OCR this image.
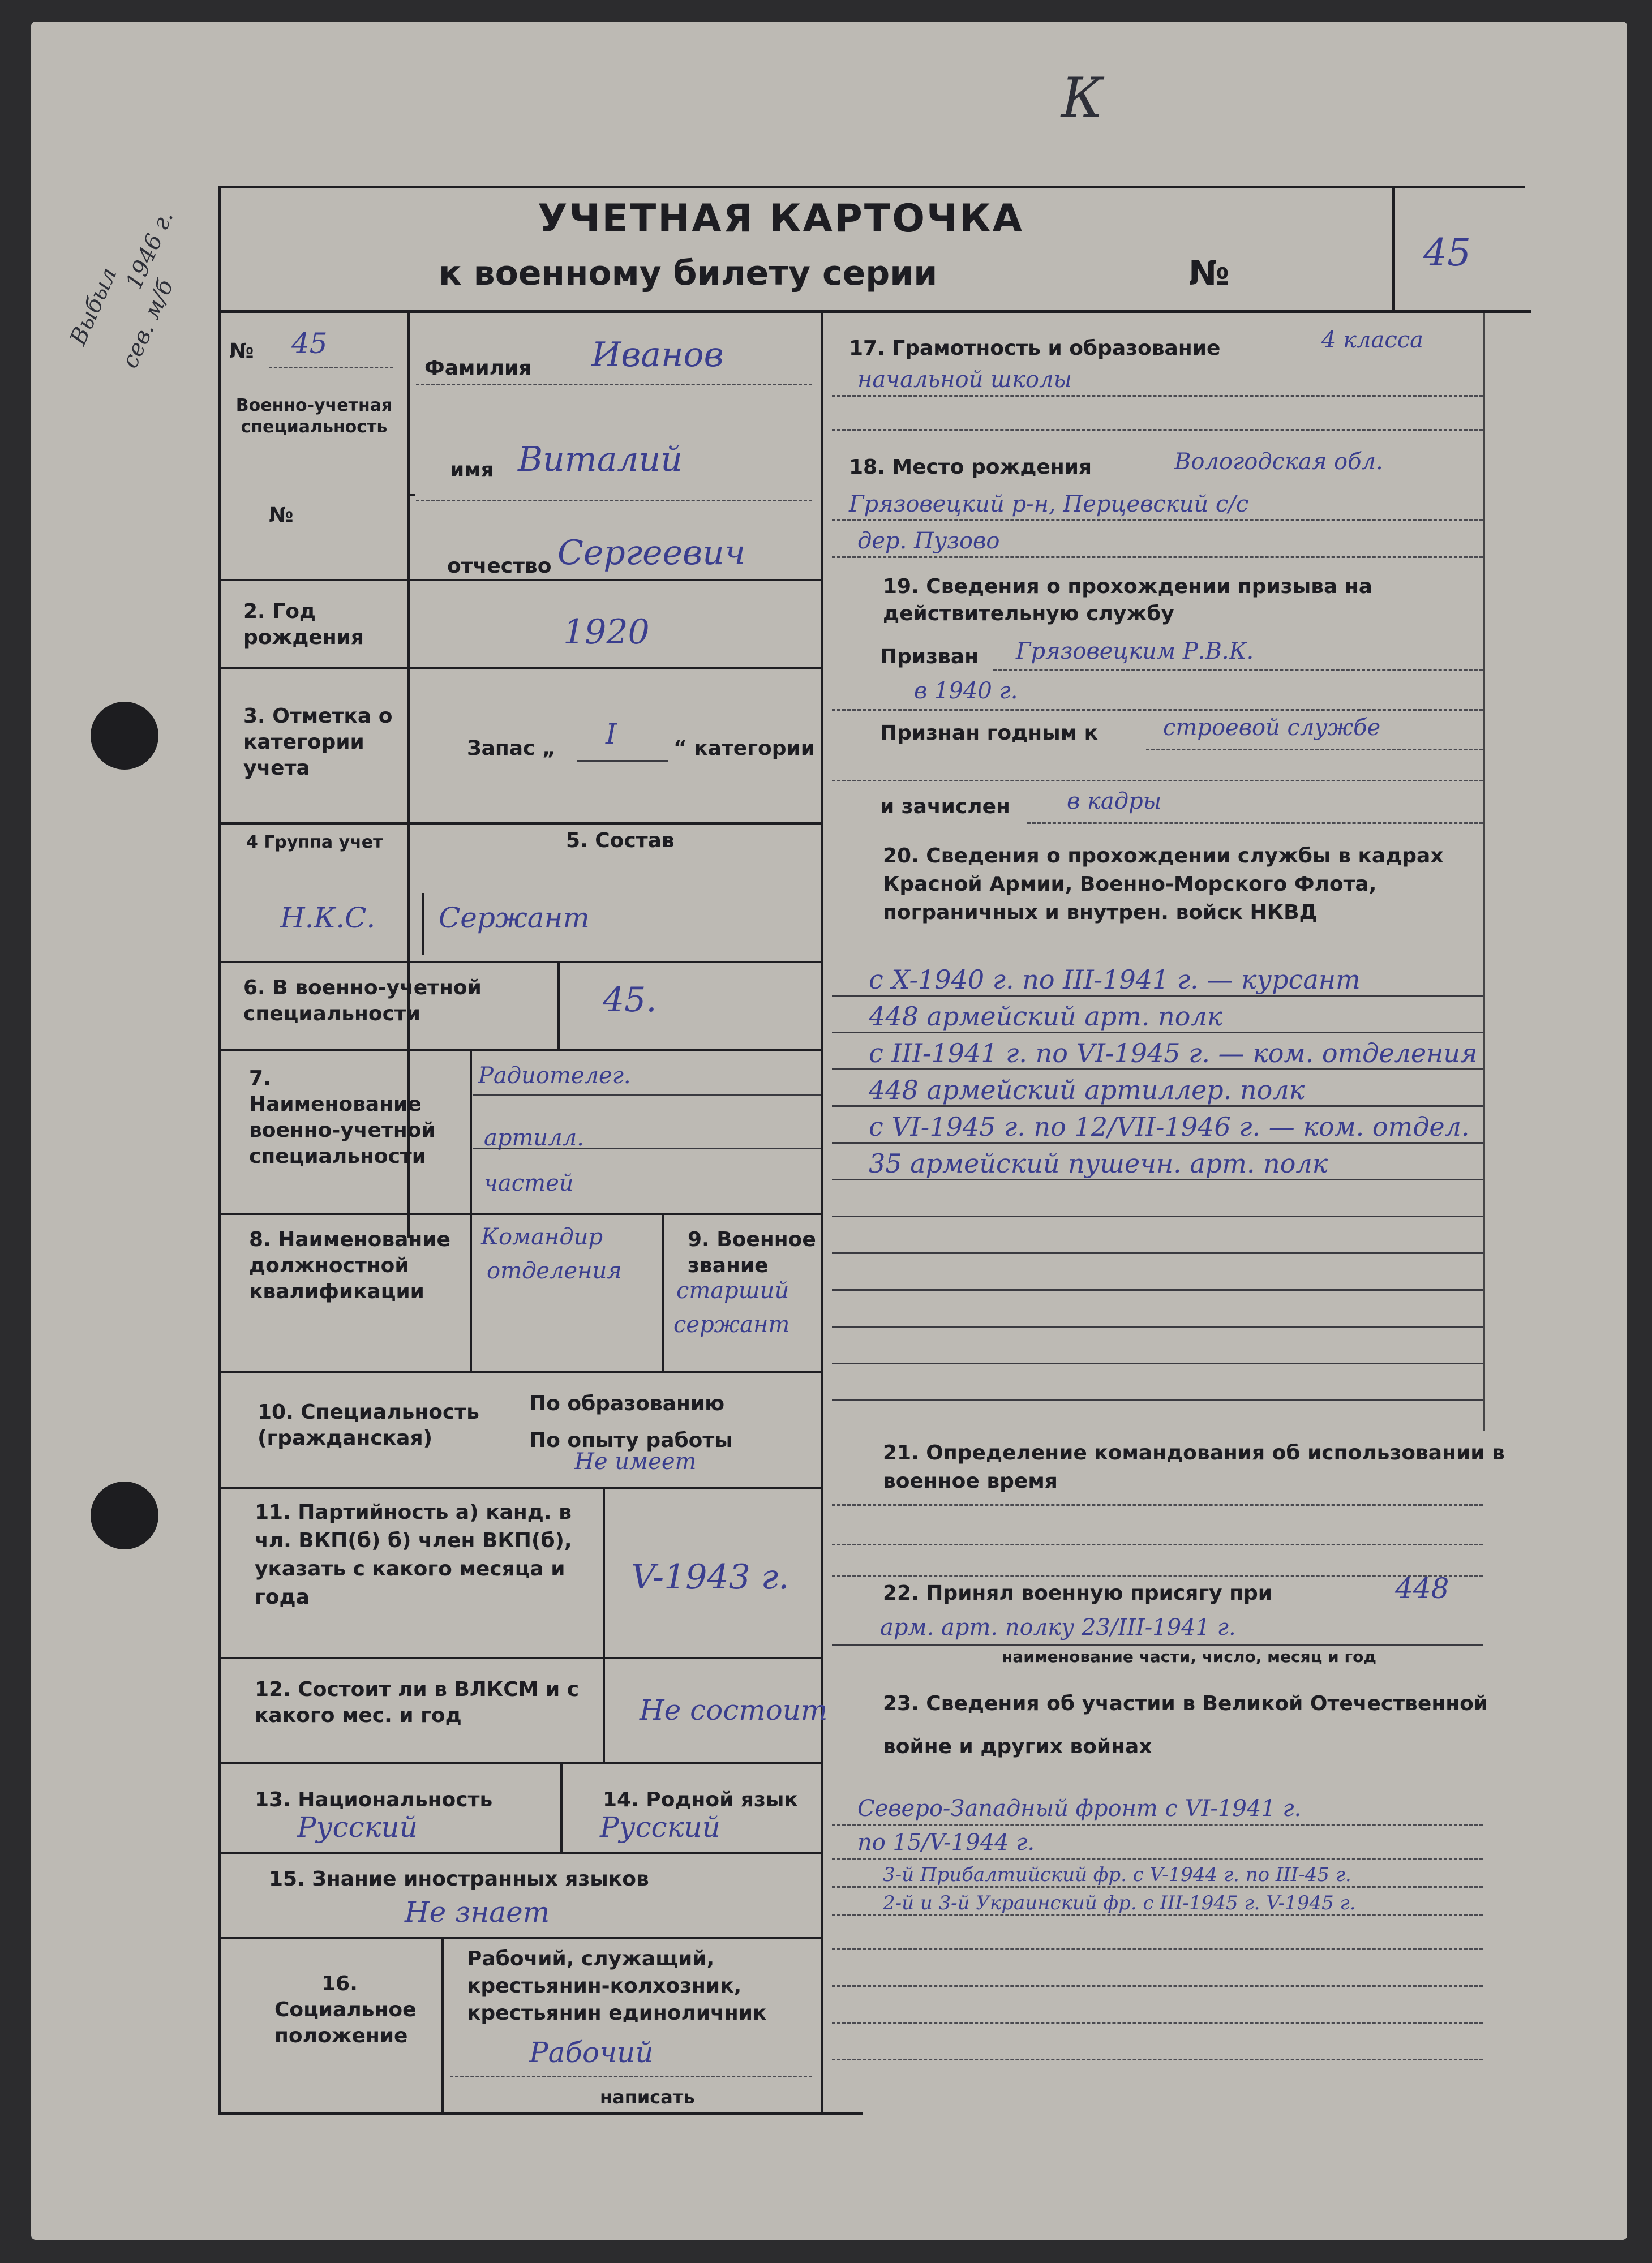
УЧЕТНАЯ КАРТОЧКА
к военному билету серии	№	45
К
Выбыл
1946 г.
сев. м/б № 45
Военно-учетная специальность
№
Фамилия Иванов
имя Виталий
отчество Сергеевич
2. Год рождения	1920
3. Отметка о категории учета
Запас „ I	“ категории
4 Группа учет	5. Состав
Н.К.С. Сержант
6. В военно-учетной специальности	45.
7. Наименование военно-учетной специальности
Радиотелег.
артилл.
частей
8. Наименование должностной квалификации
Командир
отделения
9. Военное звание
старший
сержант
10. Специальность (гражданская)
По образованию
По опыту работы
Не имеет
11. Партийность а) канд. в чл. ВКП(б) б) член ВКП(б), указать с какого месяца и года
V-1943 г.
12. Состоит ли в ВЛКСМ и с какого мес. и год	Не состоит
13. Национальность
Русский
14. Родной язык
Русский
15. Знание иностранных языков
Не знает
16. Социальное положение
Рабочий, служащий, крестьянин-колхозник, крестьянин единоличник
Рабочий
написать
17. Грамотность и образование	4 класса
начальной школы
18. Место рождения	Вологодская обл.
Грязовецкий р-н, Перцевский с/с
дер. Пузово
19. Сведения о прохождении призыва на действительную службу
Призван Грязовецким Р.В.К.
в 1940 г.
Признан годным к	строевой службе
и зачислен	в кадры
20. Сведения о прохождении службы в кадрах Красной Армии, Военно-Морского Флота, пограничных и внутрен. войск НКВД
с X-1940 г. по III-1941 г. — курсант
448 армейский арт. полк
с III-1941 г. по VI-1945 г. — ком. отделения
448 армейский артиллер. полк
с VI-1945 г. по 12/VII-1946 г. — ком. отдел.
35 армейский пушечн. арт. полк
21. Определение командования об использовании в военное время
22. Принял военную присягу при	448
арм. арт. полку 23/III-1941 г.
наименование части, число, месяц и год
23. Сведения об участии в Великой Отечественной войне и других войнах
Северо-Западный фронт с VI-1941 г.
по 15/V-1944 г.
3-й Прибалтийский фр. с V-1944 г. по III-45 г.
2-й и 3-й Украинский фр. с III-1945 г. V-1945 г.
